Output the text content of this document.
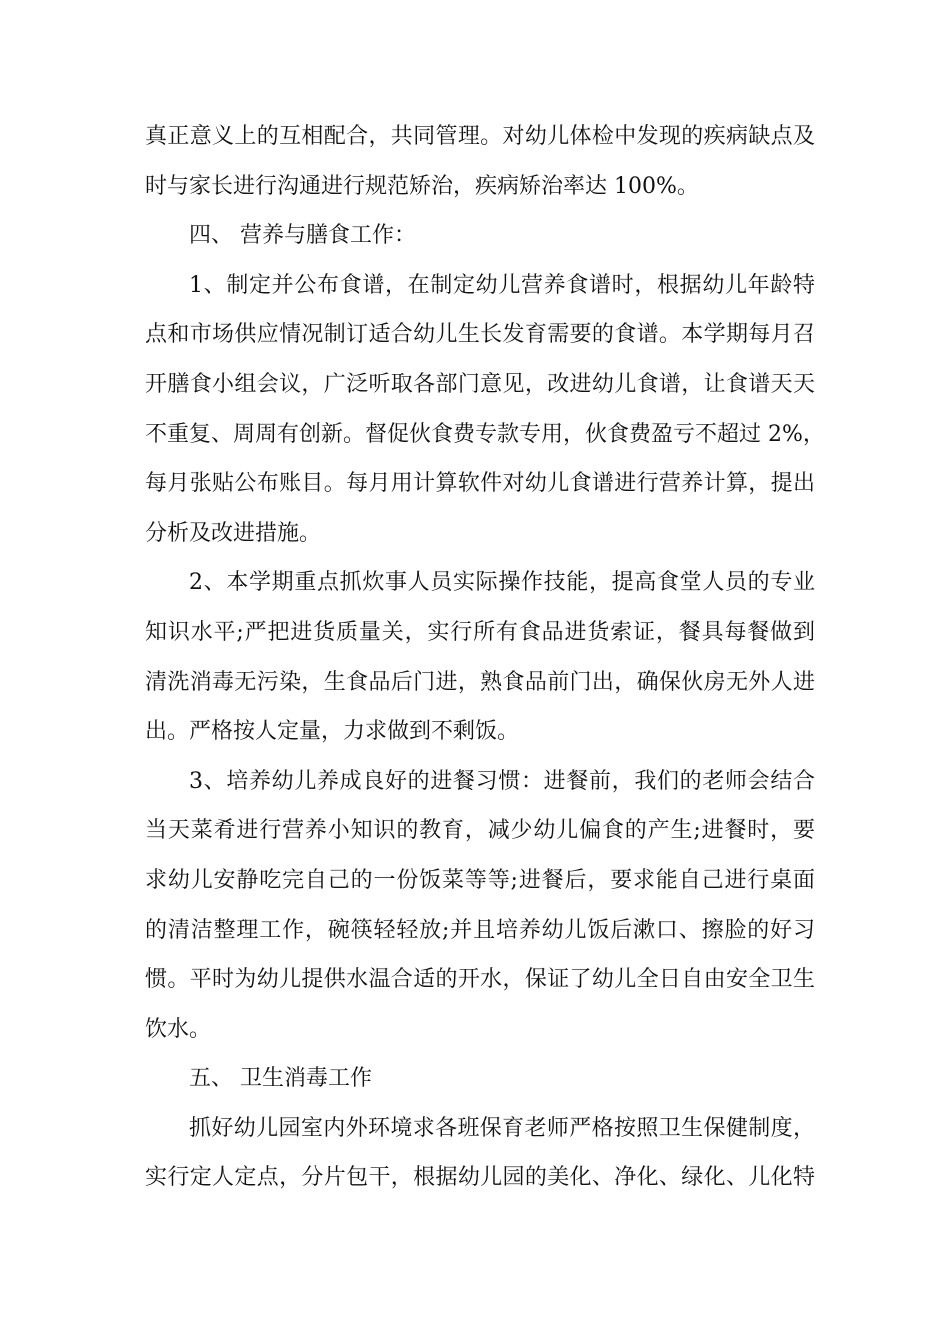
真正意义上的互相配合，共同管理。对幼儿体检中发现的疾病缺点及
时与家长进行沟通进行规范矫治，疾病矫治率达 100%。
四、 营养与膳食工作：
1、制定并公布食谱，在制定幼儿营养食谱时，根据幼儿年龄特
点和市场供应情况制订适合幼儿生长发育需要的食谱。本学期每月召
开膳食小组会议，广泛听取各部门意见，改进幼儿食谱，让食谱天天
不重复、周周有创新。督促伙食费专款专用，伙食费盈亏不超过 2%，
每月张贴公布账目。每月用计算软件对幼儿食谱进行营养计算，提出
分析及改进措施。
2、本学期重点抓炊事人员实际操作技能，提高食堂人员的专业
知识水平;严把进货质量关，实行所有食品进货索证，餐具每餐做到
清洗消毒无污染，生食品后门进，熟食品前门出，确保伙房无外人进
出。严格按人定量，力求做到不剩饭。
3、培养幼儿养成良好的进餐习惯：进餐前，我们的老师会结合
当天菜肴进行营养小知识的教育，减少幼儿偏食的产生;进餐时，要
求幼儿安静吃完自己的一份饭菜等等;进餐后，要求能自己进行桌面
的清洁整理工作，碗筷轻轻放;并且培养幼儿饭后漱口、擦脸的好习
惯。平时为幼儿提供水温合适的开水，保证了幼儿全日自由安全卫生
饮水。
五、 卫生消毒工作
抓好幼儿园室内外环境求各班保育老师严格按照卫生保健制度，
实行定人定点，分片包干，根据幼儿园的美化、净化、绿化、儿化特
